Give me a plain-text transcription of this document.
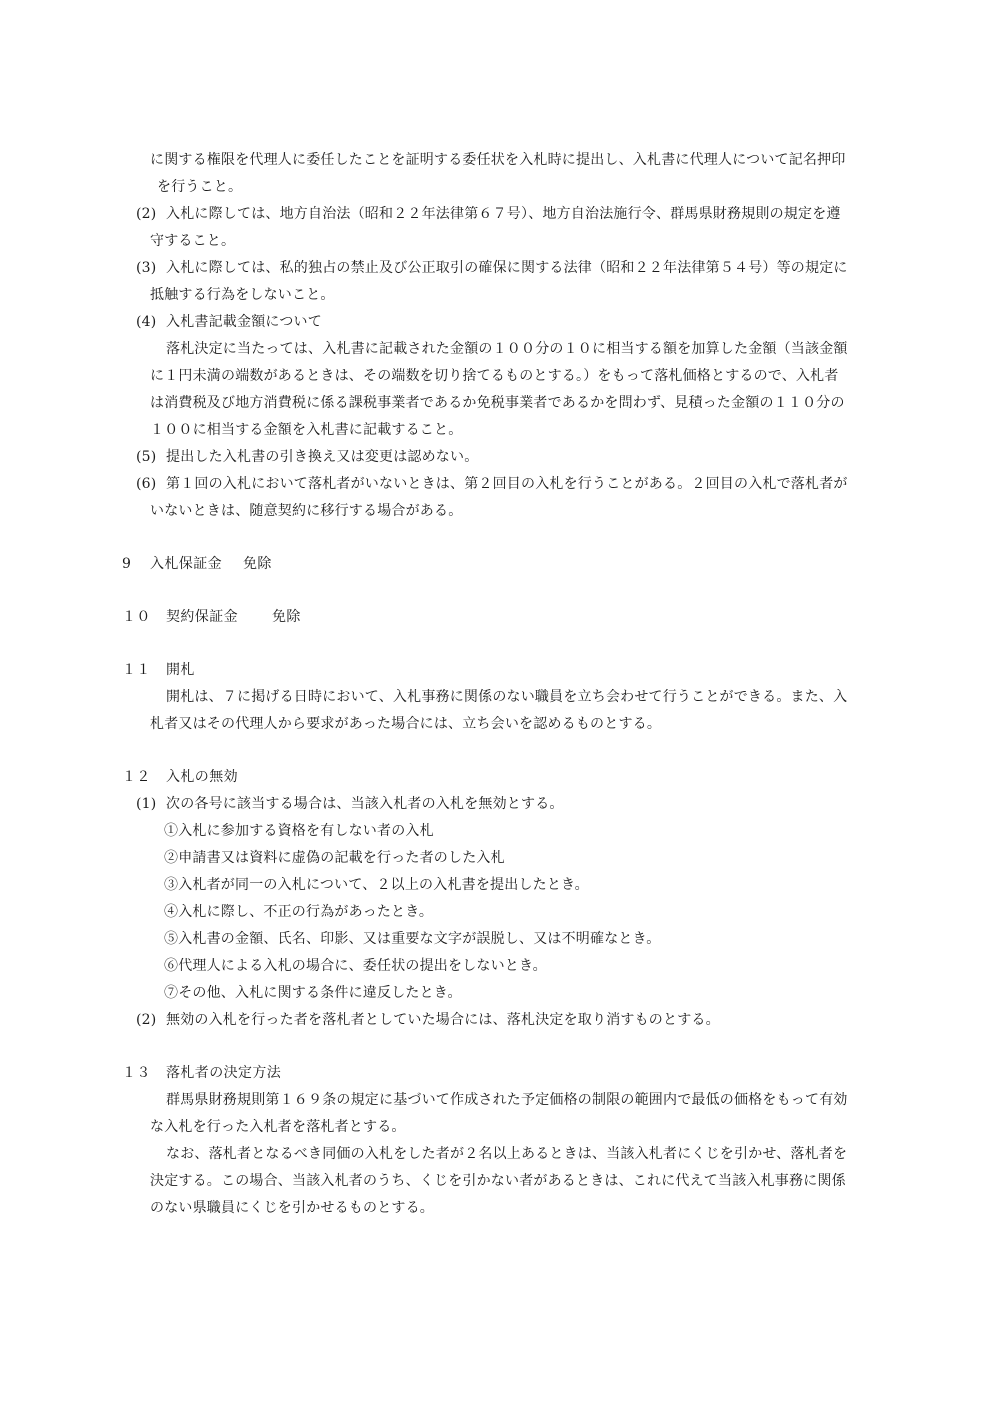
に関する権限を代理人に委任したことを証明する委任状を入札時に提出し、入札書に代理人について記名押印
を行うこと。
(2) 入札に際しては、地方自治法（昭和２２年法律第６７号）、地方自治法施行令、群馬県財務規則の規定を遵
守すること。
(3) 入札に際しては、私的独占の禁止及び公正取引の確保に関する法律（昭和２２年法律第５４号）等の規定に
抵触する行為をしないこと。
(4) 入札書記載金額について
落札決定に当たっては、入札書に記載された金額の１００分の１０に相当する額を加算した金額（当該金額
に１円未満の端数があるときは、その端数を切り捨てるものとする。）をもって落札価格とするので、入札者
は消費税及び地方消費税に係る課税事業者であるか免税事業者であるかを問わず、見積った金額の１１０分の
１００に相当する金額を入札書に記載すること。
(5) 提出した入札書の引き換え又は変更は認めない。
(6) 第１回の入札において落札者がいないときは、第２回目の入札を行うことがある。２回目の入札で落札者が
いないときは、随意契約に移行する場合がある。
9 入札保証金 免除
１０ 契約保証金 免除
１１ 開札
開札は、７に掲げる日時において、入札事務に関係のない職員を立ち会わせて行うことができる。また、入
札者又はその代理人から要求があった場合には、立ち会いを認めるものとする。
１２ 入札の無効
(1) 次の各号に該当する場合は、当該入札者の入札を無効とする。
①入札に参加する資格を有しない者の入札
②申請書又は資料に虚偽の記載を行った者のした入札
③入札者が同一の入札について、２以上の入札書を提出したとき。
④入札に際し、不正の行為があったとき。
⑤入札書の金額、氏名、印影、又は重要な文字が誤脱し、又は不明確なとき。
⑥代理人による入札の場合に、委任状の提出をしないとき。
⑦その他、入札に関する条件に違反したとき。
(2) 無効の入札を行った者を落札者としていた場合には、落札決定を取り消すものとする。
１３ 落札者の決定方法
群馬県財務規則第１６９条の規定に基づいて作成された予定価格の制限の範囲内で最低の価格をもって有効
な入札を行った入札者を落札者とする。
なお、落札者となるべき同価の入札をした者が２名以上あるときは、当該入札者にくじを引かせ、落札者を
決定する。この場合、当該入札者のうち、くじを引かない者があるときは、これに代えて当該入札事務に関係
のない県職員にくじを引かせるものとする。
